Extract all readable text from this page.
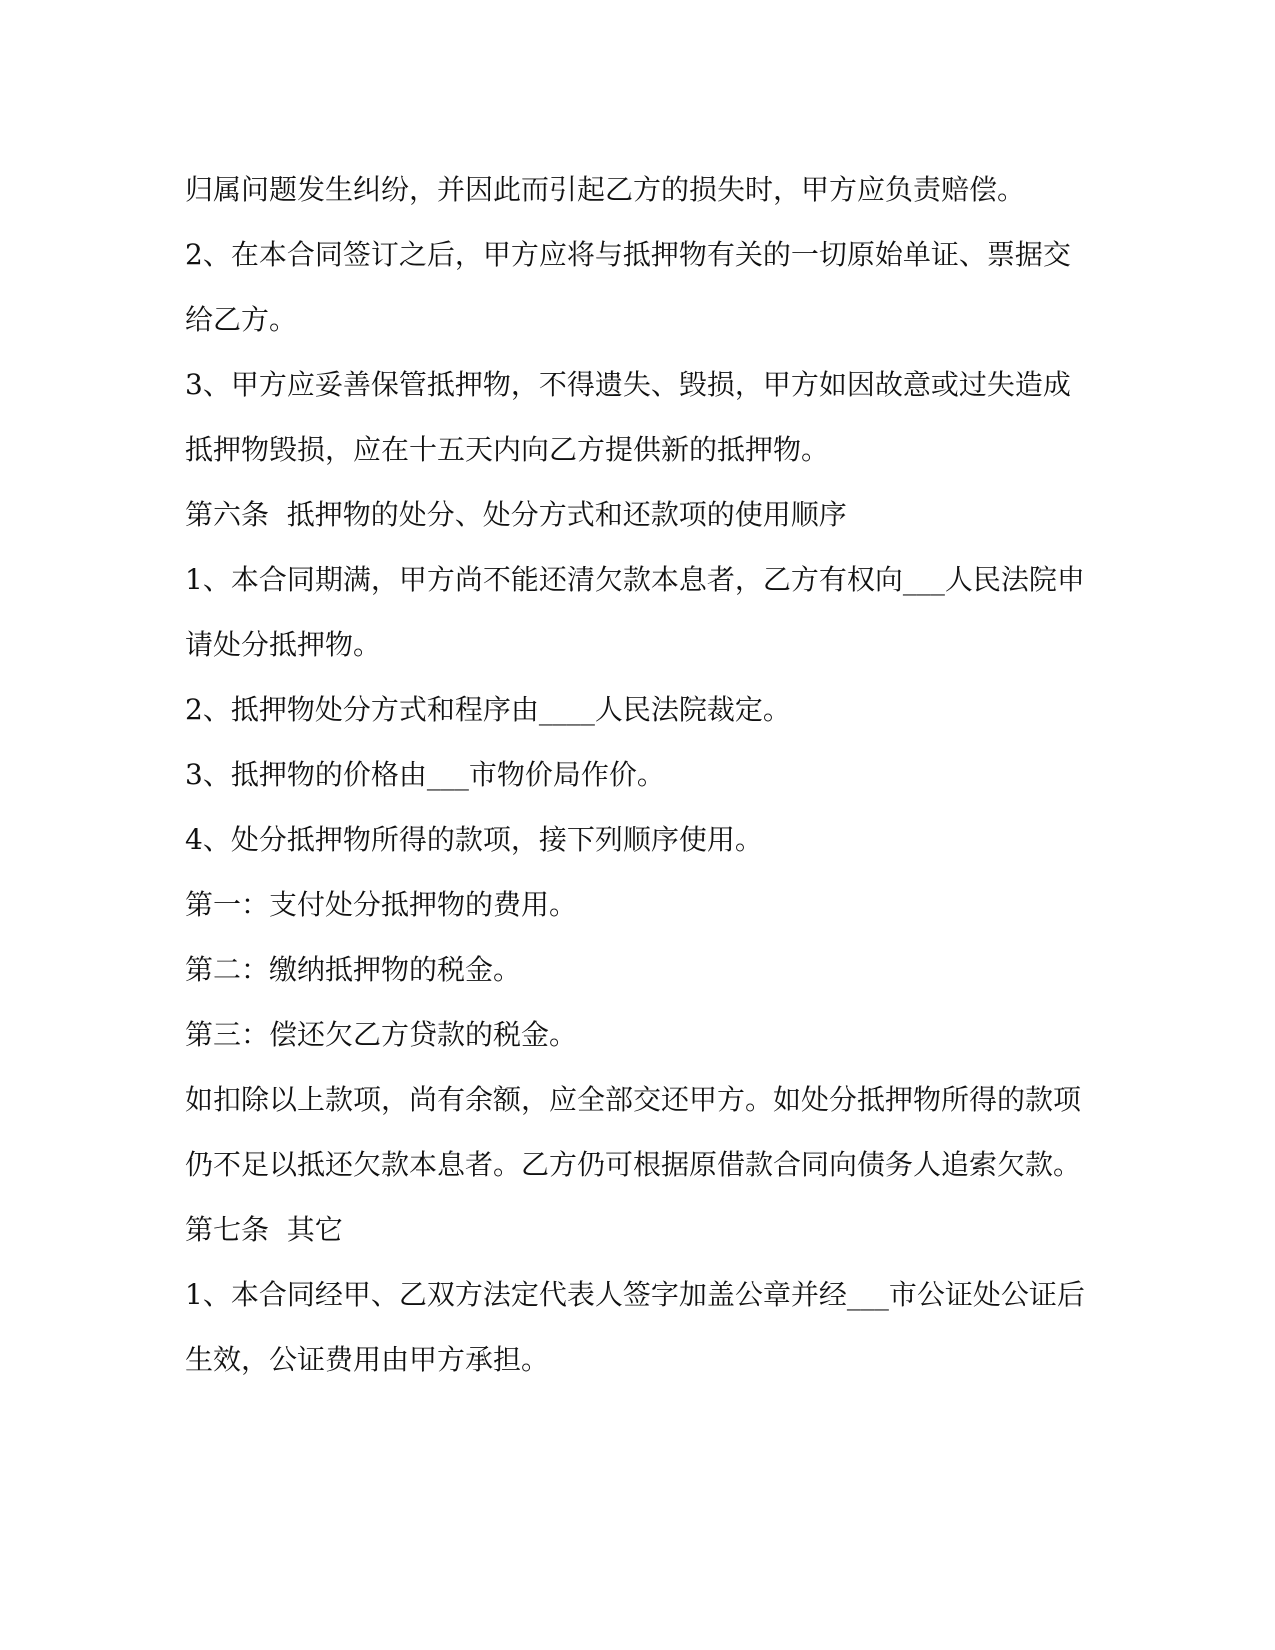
归属问题发生纠纷，并因此而引起乙方的损失时，甲方应负责赔偿。

2、在本合同签订之后，甲方应将与抵押物有关的一切原始单证、票据交给乙方。

3、甲方应妥善保管抵押物，不得遗失、毁损，甲方如因故意或过失造成抵押物毁损，应在十五天内向乙方提供新的抵押物。

第六条  抵押物的处分、处分方式和还款项的使用顺序

1、本合同期满，甲方尚不能还清欠款本息者，乙方有权向___人民法院申请处分抵押物。

2、抵押物处分方式和程序由____人民法院裁定。

3、抵押物的价格由___市物价局作价。

4、处分抵押物所得的款项，接下列顺序使用。

第一：支付处分抵押物的费用。

第二：缴纳抵押物的税金。

第三：偿还欠乙方贷款的税金。

如扣除以上款项，尚有余额，应全部交还甲方。如处分抵押物所得的款项仍不足以抵还欠款本息者。乙方仍可根据原借款合同向债务人追索欠款。

第七条  其它

1、本合同经甲、乙双方法定代表人签字加盖公章并经___市公证处公证后生效，公证费用由甲方承担。
